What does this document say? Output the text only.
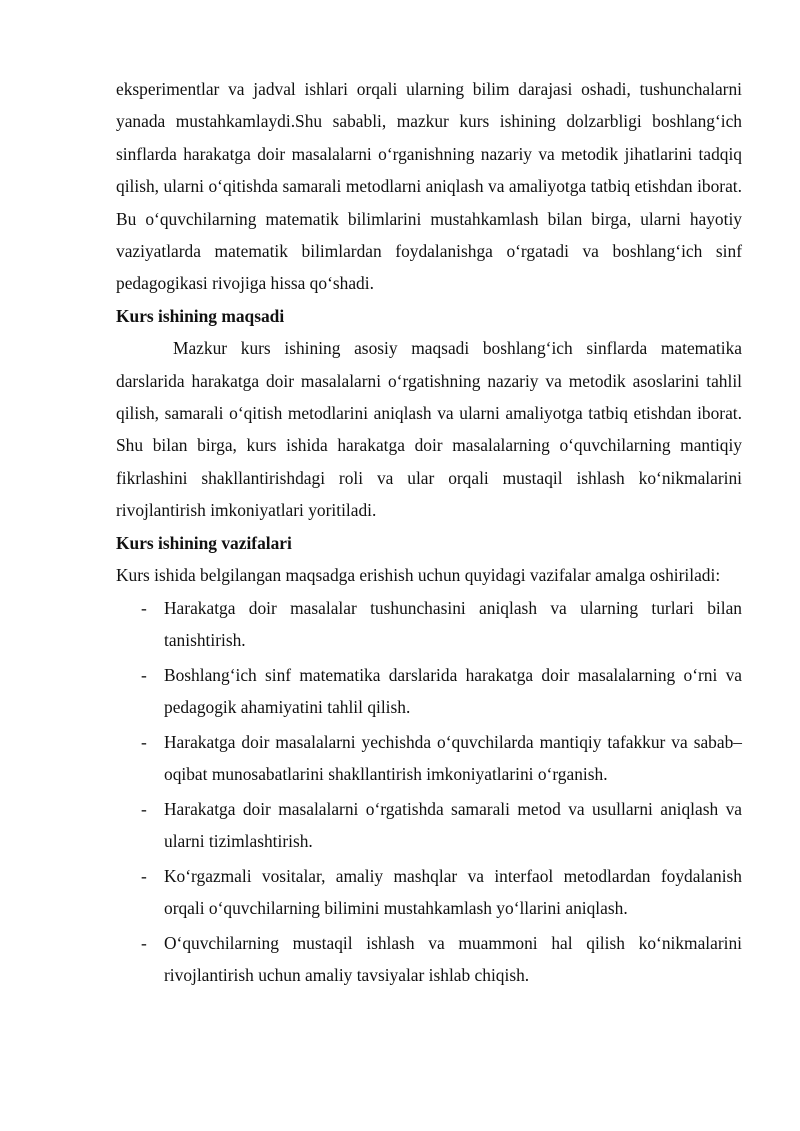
eksperimentlar va jadval ishlari orqali ularning bilim darajasi oshadi, tushunchalarni yanada mustahkamlaydi.Shu sababli, mazkur kurs ishining dolzarbligi boshlang‘ich sinflarda harakatga doir masalalarni o‘rganishning nazariy va metodik jihatlarini tadqiq qilish, ularni o‘qitishda samarali metodlarni aniqlash va amaliyotga tatbiq etishdan iborat. Bu o‘quvchilarning matematik bilimlarini mustahkamlash bilan birga, ularni hayotiy vaziyatlarda matematik bilimlardan foydalanishga o‘rgatadi va boshlang‘ich sinf pedagogikasi rivojiga hissa qo‘shadi.

Kurs ishining maqsadi

Mazkur kurs ishining asosiy maqsadi boshlang‘ich sinflarda matematika darslarida harakatga doir masalalarni o‘rgatishning nazariy va metodik asoslarini tahlil qilish, samarali o‘qitish metodlarini aniqlash va ularni amaliyotga tatbiq etishdan iborat. Shu bilan birga, kurs ishida harakatga doir masalalarning o‘quvchilarning mantiqiy fikrlashini shakllantirishdagi roli va ular orqali mustaqil ishlash ko‘nikmalarini rivojlantirish imkoniyatlari yoritiladi.

Kurs ishining vazifalari

Kurs ishida belgilangan maqsadga erishish uchun quyidagi vazifalar amalga oshiriladi:

- Harakatga doir masalalar tushunchasini aniqlash va ularning turlari bilan tanishtirish.
- Boshlang‘ich sinf matematika darslarida harakatga doir masalalarning o‘rni va pedagogik ahamiyatini tahlil qilish.
- Harakatga doir masalalarni yechishda o‘quvchilarda mantiqiy tafakkur va sabab–oqibat munosabatlarini shakllantirish imkoniyatlarini o‘rganish.
- Harakatga doir masalalarni o‘rgatishda samarali metod va usullarni aniqlash va ularni tizimlashtirish.
- Ko‘rgazmali vositalar, amaliy mashqlar va interfaol metodlardan foydalanish orqali o‘quvchilarning bilimini mustahkamlash yo‘llarini aniqlash.
- O‘quvchilarning mustaqil ishlash va muammoni hal qilish ko‘nikmalarini rivojlantirish uchun amaliy tavsiyalar ishlab chiqish.
